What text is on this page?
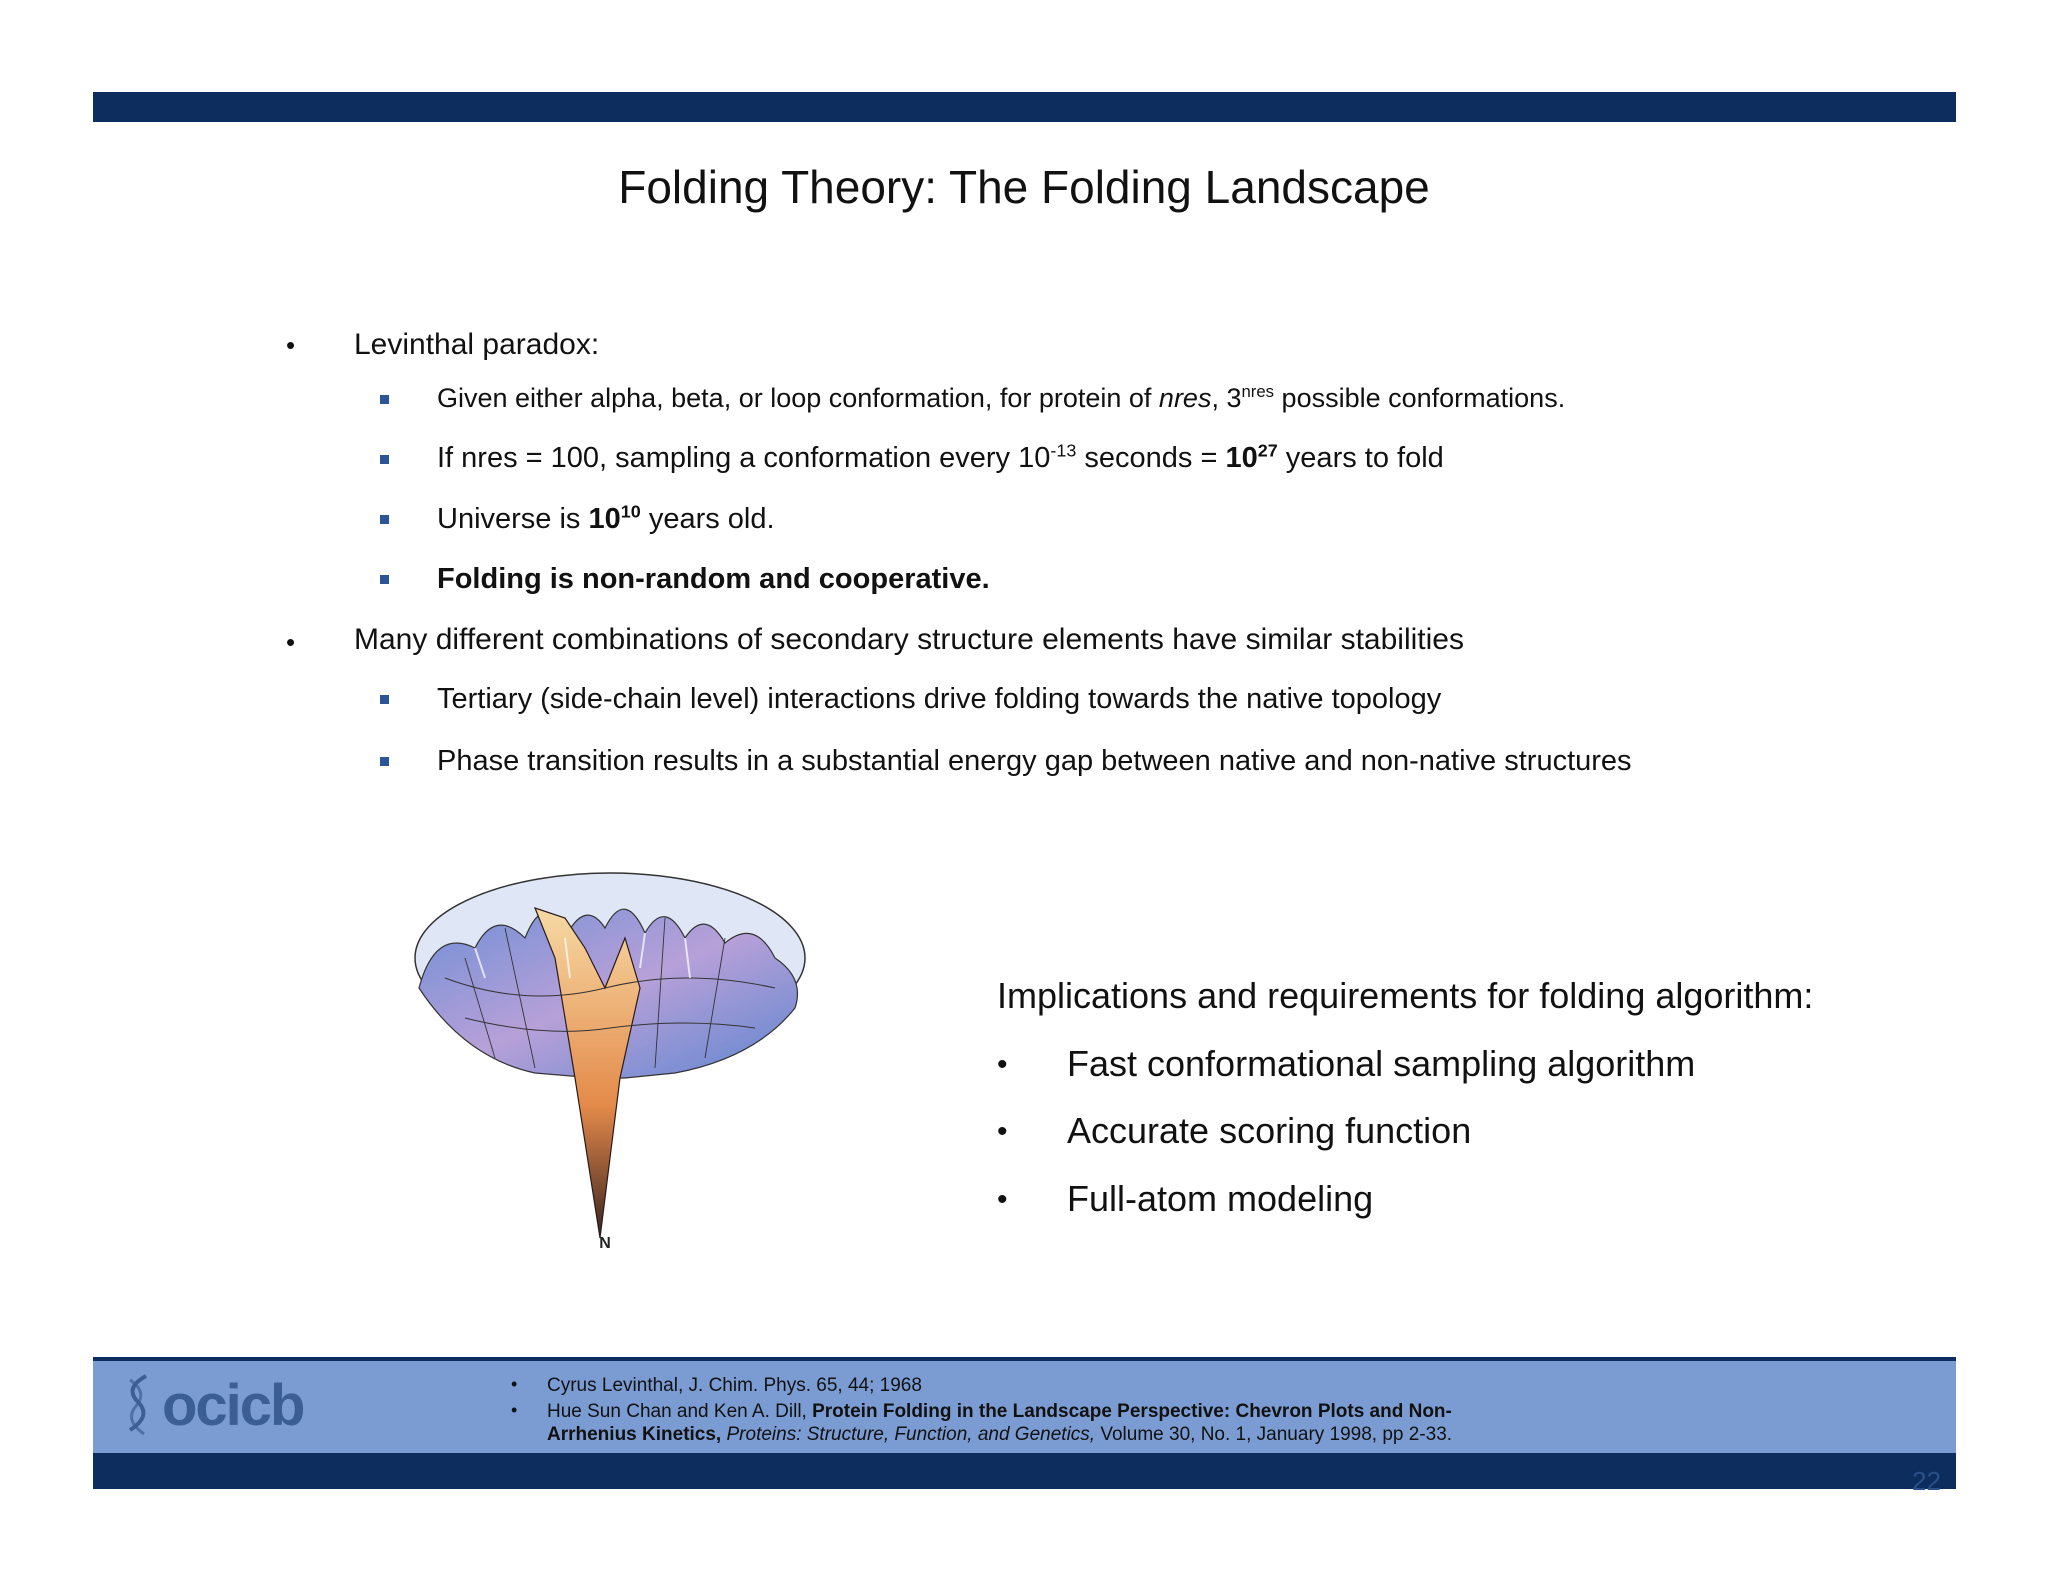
Folding Theory: The Folding Landscape
• Levinthal paradox:
Given either alpha, beta, or loop conformation, for protein of nres, $3^{nres}$ possible conformations.
If nres = 100, sampling a conformation every $10^{-13}$ seconds = $10^{27}$ years to fold
Universe is $10^{10}$ years old.
Folding is non-random and cooperative.
• Many different combinations of secondary structure elements have similar stabilities
Tertiary (side-chain level) interactions drive folding towards the native topology
Phase transition results in a substantial energy gap between native and non-native structures
N
Implications and requirements for folding algorithm:
• Fast conformational sampling algorithm
• Accurate scoring function
• Full-atom modeling
ocicb	• Cyrus Levinthal, J. Chim. Phys. 65, 44; 1968
• Hue Sun Chan and Ken A. Dill, Protein Folding in the Landscape Perspective: Chevron Plots and Non-
Arrhenius Kinetics, Proteins: Structure, Function, and Genetics, Volume 30, No. 1, January 1998, pp 2-33.
22
